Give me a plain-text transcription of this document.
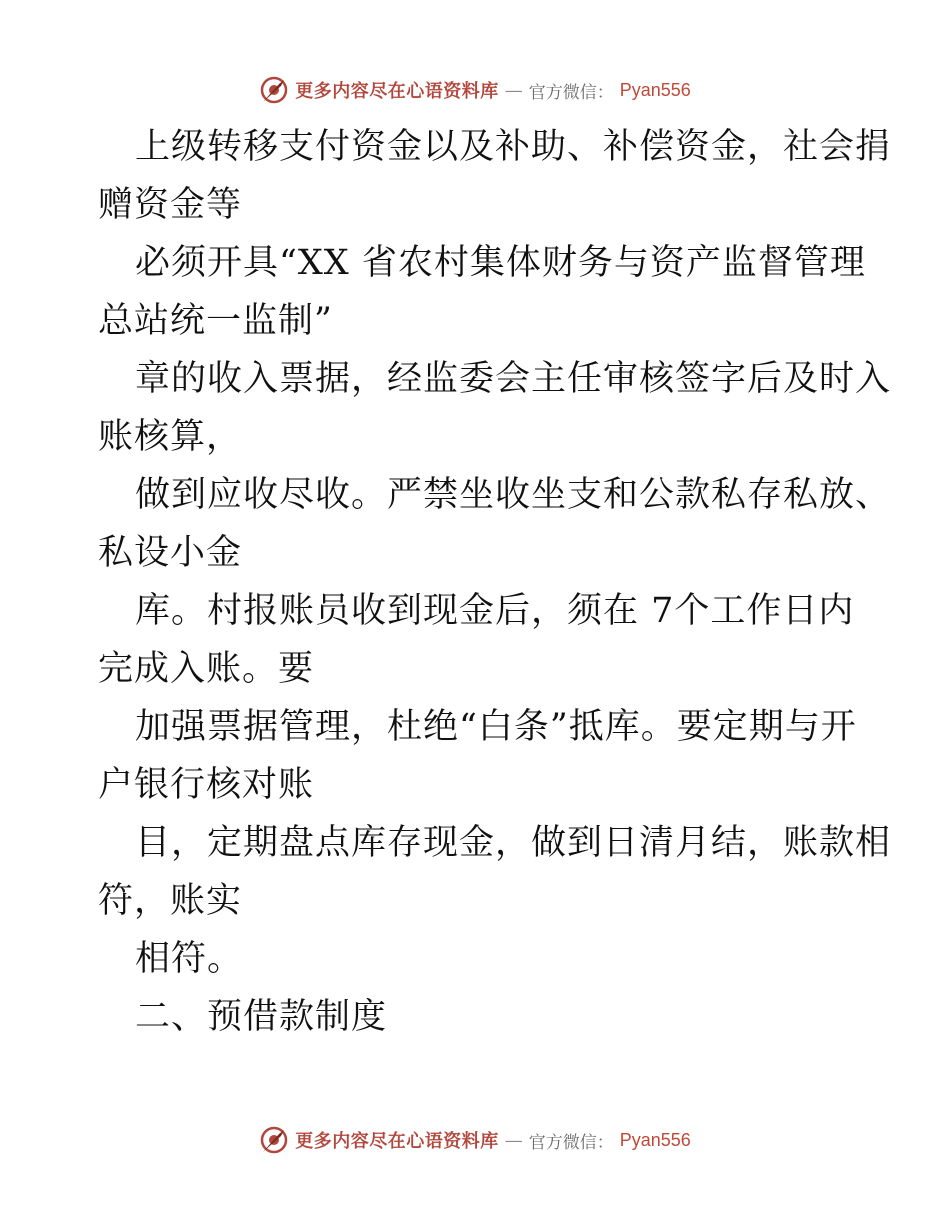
更多内容尽在心语资料库 — 官方微信： Pyan556
上级转移支付资金以及补助、补偿资金，社会捐
赠资金等
必须开具“XX 省农村集体财务与资产监督管理
总站统一监制”
章的收入票据，经监委会主任审核签字后及时入
账核算，
做到应收尽收。严禁坐收坐支和公款私存私放、
私设小金
库。村报账员收到现金后，须在 7个工作日内
完成入账。要
加强票据管理，杜绝“白条”抵库。要定期与开
户银行核对账
目，定期盘点库存现金，做到日清月结，账款相
符，账实
相符。
二、预借款制度
更多内容尽在心语资料库 — 官方微信： Pyan556
